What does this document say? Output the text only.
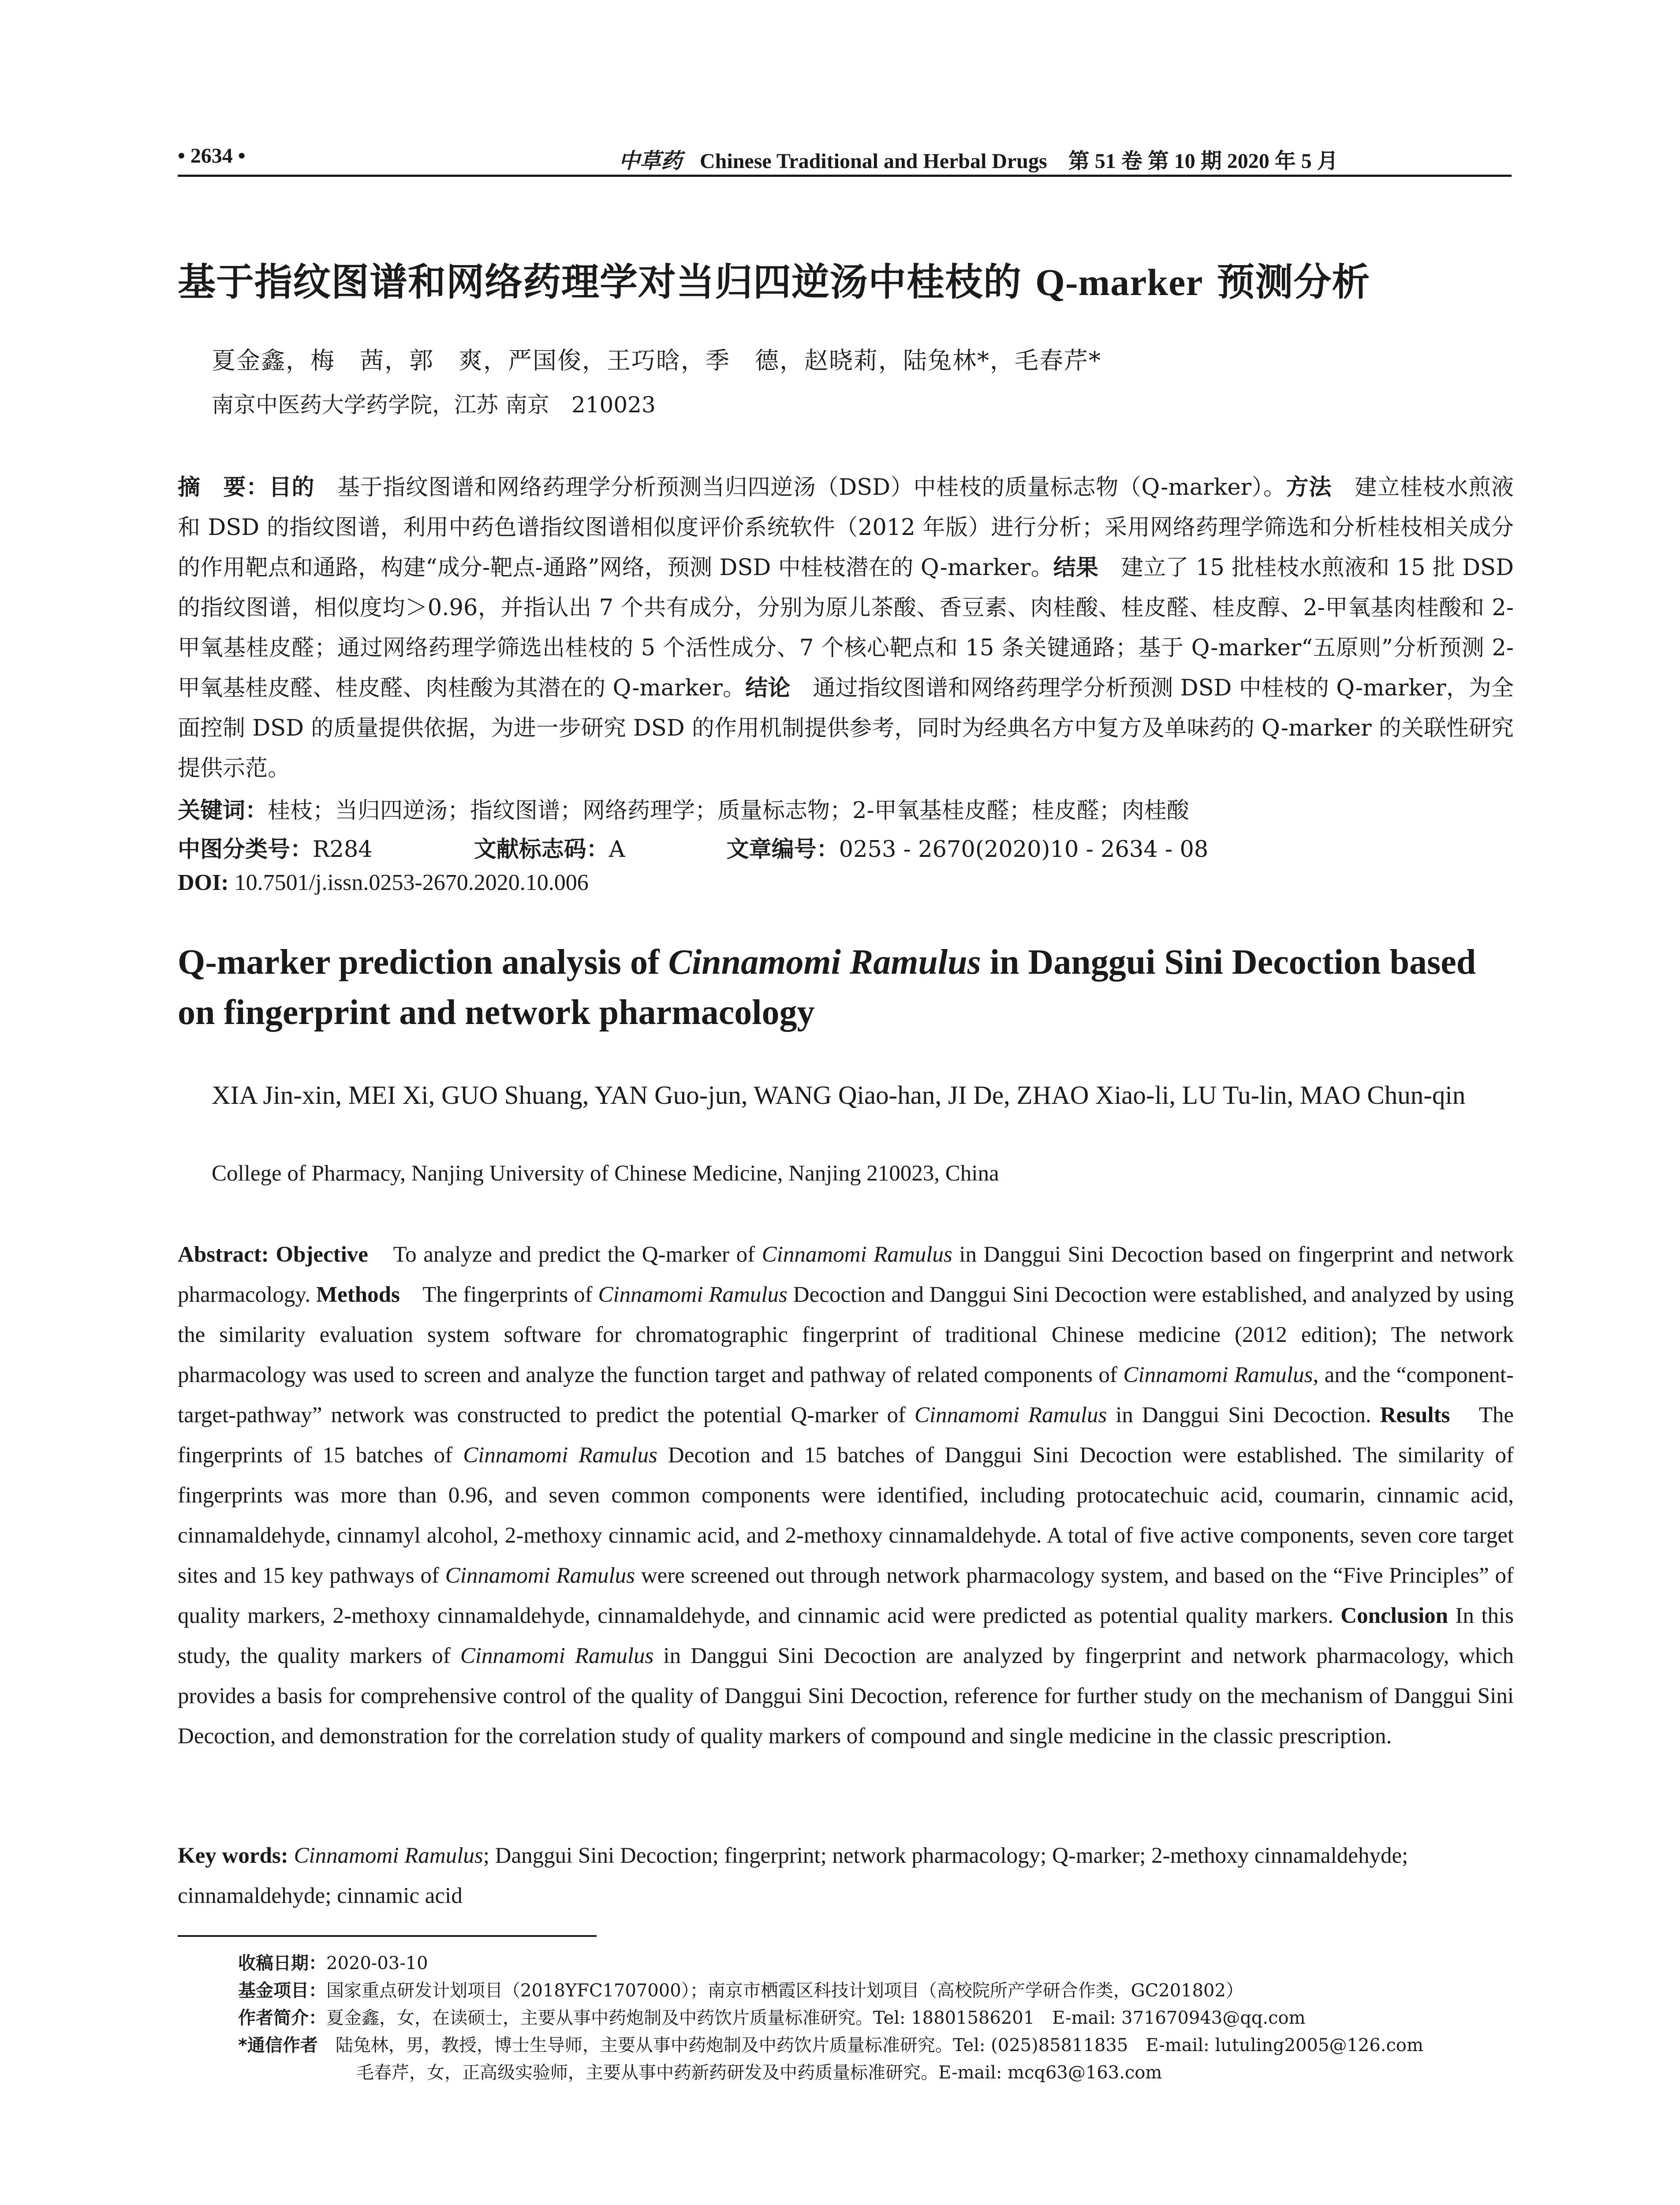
• 2634 •	中草药 Chinese Traditional and Herbal Drugs　 第 51 卷 第 10 期 2020 年 5 月
基于指纹图谱和网络药理学对当归四逆汤中桂枝的 Q-marker 预测分析
夏金鑫，梅　茜，郭　爽，严国俊，王巧晗，季　德，赵晓莉，陆兔林*，毛春芹*
南京中医药大学药学院，江苏 南京　210023
摘　要：目的　基于指纹图谱和网络药理学分析预测当归四逆汤（DSD）中桂枝的质量标志物（Q-marker）。方法　建立桂枝水煎液和 DSD 的指纹图谱，利用中药色谱指纹图谱相似度评价系统软件（2012 年版）进行分析；采用网络药理学筛选和分析桂枝相关成分的作用靶点和通路，构建“成分-靶点-通路”网络，预测 DSD 中桂枝潜在的 Q-marker。结果　建立了 15 批桂枝水煎液和 15 批 DSD 的指纹图谱，相似度均＞0.96，并指认出 7 个共有成分，分别为原儿茶酸、香豆素、肉桂酸、桂皮醛、桂皮醇、2-甲氧基肉桂酸和 2-甲氧基桂皮醛；通过网络药理学筛选出桂枝的 5 个活性成分、7 个核心靶点和 15 条关键通路；基于 Q-marker“五原则”分析预测 2-甲氧基桂皮醛、桂皮醛、肉桂酸为其潜在的 Q-marker。结论　通过指纹图谱和网络药理学分析预测 DSD 中桂枝的 Q-marker，为全面控制 DSD 的质量提供依据，为进一步研究 DSD 的作用机制提供参考，同时为经典名方中复方及单味药的 Q-marker 的关联性研究提供示范。
关键词：桂枝；当归四逆汤；指纹图谱；网络药理学；质量标志物；2-甲氧基桂皮醛；桂皮醛；肉桂酸
中图分类号：R284	文献标志码：A	文章编号：0253 - 2670(2020)10 - 2634 - 08
DOI: 10.7501/j.issn.0253-2670.2020.10.006
Q-marker prediction analysis of Cinnamomi Ramulus in Danggui Sini Decoction based on fingerprint and network pharmacology
XIA Jin-xin, MEI Xi, GUO Shuang, YAN Guo-jun, WANG Qiao-han, JI De, ZHAO Xiao-li, LU Tu-lin, MAO Chun-qin
College of Pharmacy, Nanjing University of Chinese Medicine, Nanjing 210023, China
Abstract: Objective　To analyze and predict the Q-marker of Cinnamomi Ramulus in Danggui Sini Decoction based on fingerprint and network pharmacology. Methods　The fingerprints of Cinnamomi Ramulus Decoction and Danggui Sini Decoction were established, and analyzed by using the similarity evaluation system software for chromatographic fingerprint of traditional Chinese medicine (2012 edition); The network pharmacology was used to screen and analyze the function target and pathway of related components of Cinnamomi Ramulus, and the “component-target-pathway” network was constructed to predict the potential Q-marker of Cinnamomi Ramulus in Danggui Sini Decoction. Results　The fingerprints of 15 batches of Cinnamomi Ramulus Decotion and 15 batches of Danggui Sini Decoction were established. The similarity of fingerprints was more than 0.96, and seven common components were identified, including protocatechuic acid, coumarin, cinnamic acid, cinnamaldehyde, cinnamyl alcohol, 2-methoxy cinnamic acid, and 2-methoxy cinnamaldehyde. A total of five active components, seven core target sites and 15 key pathways of Cinnamomi Ramulus were screened out through network pharmacology system, and based on the “Five Principles” of quality markers, 2-methoxy cinnamaldehyde, cinnamaldehyde, and cinnamic acid were predicted as potential quality markers. Conclusion In this study, the quality markers of Cinnamomi Ramulus in Danggui Sini Decoction are analyzed by fingerprint and network pharmacology, which provides a basis for comprehensive control of the quality of Danggui Sini Decoction, reference for further study on the mechanism of Danggui Sini Decoction, and demonstration for the correlation study of quality markers of compound and single medicine in the classic prescription.
Key words: Cinnamomi Ramulus; Danggui Sini Decoction; fingerprint; network pharmacology; Q-marker; 2-methoxy cinnamaldehyde; cinnamaldehyde; cinnamic acid
收稿日期：2020-03-10
基金项目：国家重点研发计划项目（2018YFC1707000）；南京市栖霞区科技计划项目（高校院所产学研合作类，GC201802）
作者简介：夏金鑫，女，在读硕士，主要从事中药炮制及中药饮片质量标准研究。Tel: 18801586201　E-mail: 371670943@qq.com
*通信作者　陆兔林，男，教授，博士生导师，主要从事中药炮制及中药饮片质量标准研究。Tel: (025)85811835　E-mail: lutuling2005@126.com
毛春芹，女，正高级实验师，主要从事中药新药研发及中药质量标准研究。E-mail: mcq63@163.com
